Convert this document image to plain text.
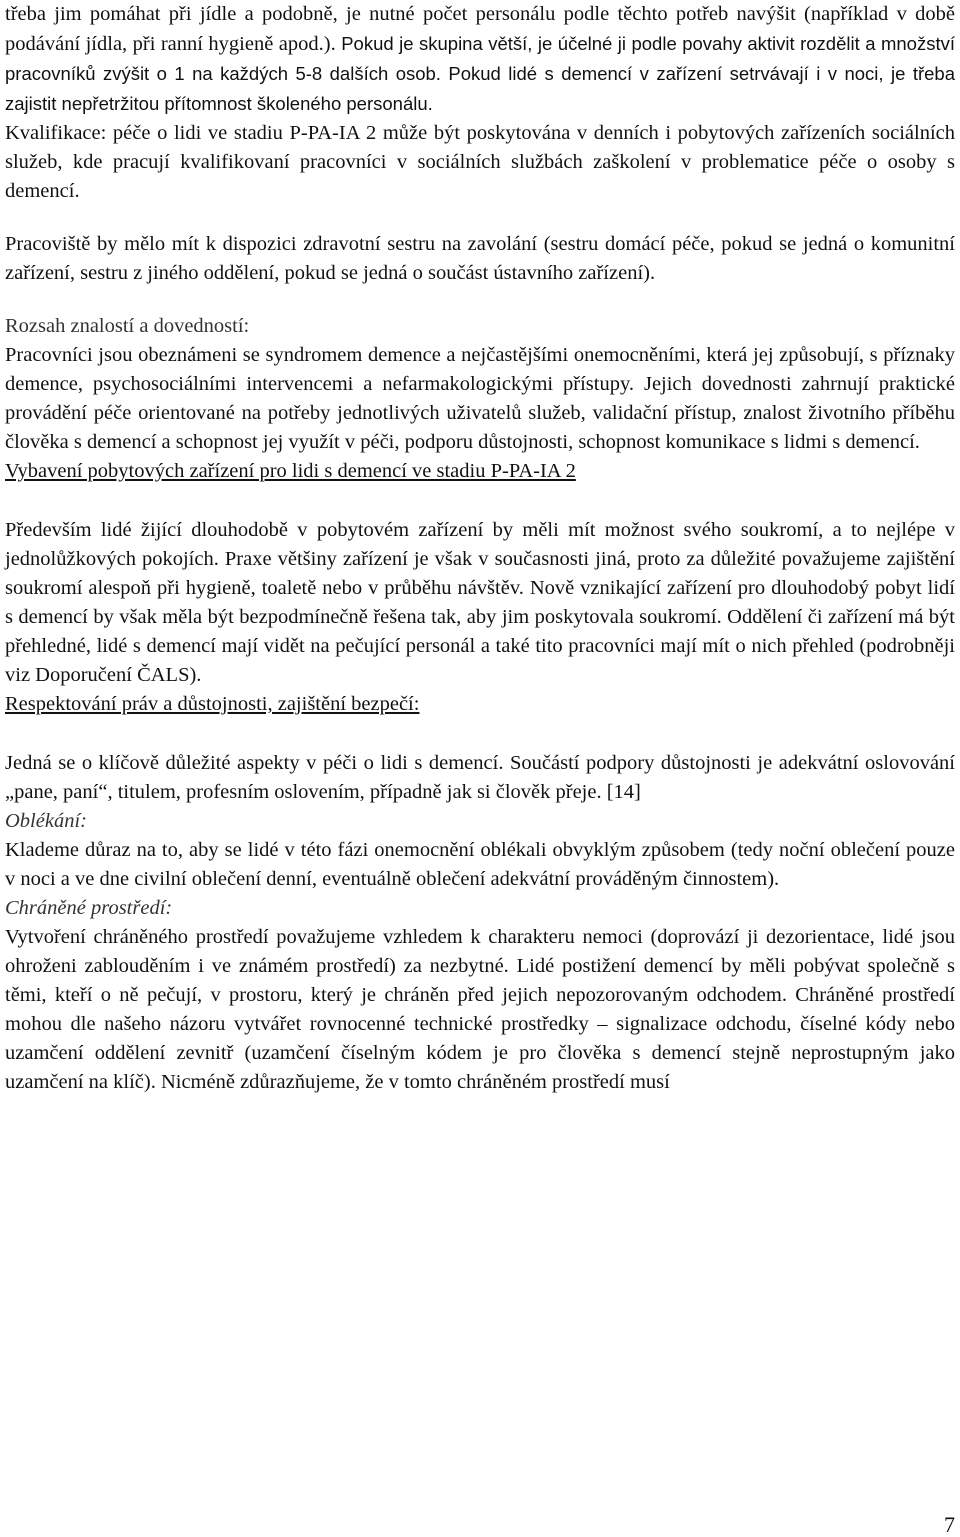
třeba jim pomáhat při jídle a podobně, je nutné počet personálu podle těchto potřeb navýšit (například v době podávání jídla, při ranní hygieně apod.). Pokud je skupina větší, je účelné ji podle povahy aktivit rozdělit a množství pracovníků zvýšit o 1 na každých 5-8 dalších osob. Pokud lidé s demencí v zařízení setrvávají i v noci, je třeba zajistit nepřetržitou přítomnost školeného personálu.

Kvalifikace: péče o lidi ve stadiu P-PA-IA 2 může být poskytována v denních i pobytových zařízeních sociálních služeb, kde pracují kvalifikovaní pracovníci v sociálních službách zaškolení v problematice péče o osoby s demencí.

Pracoviště by mělo mít k dispozici zdravotní sestru na zavolání (sestru domácí péče, pokud se jedná o komunitní zařízení, sestru z jiného oddělení, pokud se jedná o součást ústavního zařízení).

Rozsah znalostí a dovedností:

Pracovníci jsou obeznámeni se syndromem demence a nejčastějšími onemocněními, která jej způsobují, s příznaky demence, psychosociálními intervencemi a nefarmakologickými přístupy. Jejich dovednosti zahrnují praktické provádění péče orientované na potřeby jednotlivých uživatelů služeb, validační přístup, znalost životního příběhu člověka s demencí a schopnost jej využít v péči, podporu důstojnosti, schopnost komunikace s lidmi s demencí.

Vybavení pobytových zařízení pro lidi s demencí ve stadiu P-PA-IA 2

Především lidé žijící dlouhodobě v pobytovém zařízení by měli mít možnost svého soukromí, a to nejlépe v jednolůžkových pokojích. Praxe většiny zařízení je však v současnosti jiná, proto za důležité považujeme zajištění soukromí alespoň při hygieně, toaletě nebo v průběhu návštěv. Nově vznikající zařízení pro dlouhodobý pobyt lidí s demencí by však měla být bezpodmínečně řešena tak, aby jim poskytovala soukromí. Oddělení či zařízení má být přehledné, lidé s demencí mají vidět na pečující personál a také tito pracovníci mají mít o nich přehled (podrobněji viz Doporučení ČALS).

Respektování práv a důstojnosti, zajištění bezpečí:

Jedná se o klíčově důležité aspekty v péči o lidi s demencí. Součástí podpory důstojnosti je adekvátní oslovování „pane, paní“, titulem, profesním oslovením, případně jak si člověk přeje. [14]

Oblékání:

Klademe důraz na to, aby se lidé v této fázi onemocnění oblékali obvyklým způsobem (tedy noční oblečení pouze v noci a ve dne civilní oblečení denní, eventuálně oblečení adekvátní prováděným činnostem).

Chráněné prostředí:

Vytvoření chráněného prostředí považujeme vzhledem k charakteru nemoci (doprovází ji dezorientace, lidé jsou ohroženi zablouděním i ve známém prostředí) za nezbytné. Lidé postižení demencí by měli pobývat společně s těmi, kteří o ně pečují, v prostoru, který je chráněn před jejich nepozorovaným odchodem. Chráněné prostředí mohou dle našeho názoru vytvářet rovnocenné technické prostředky – signalizace odchodu, číselné kódy nebo uzamčení oddělení zevnitř (uzamčení číselným kódem je pro člověka s demencí stejně neprostupným jako uzamčení na klíč). Nicméně zdůrazňujeme, že v tomto chráněném prostředí musí

7
